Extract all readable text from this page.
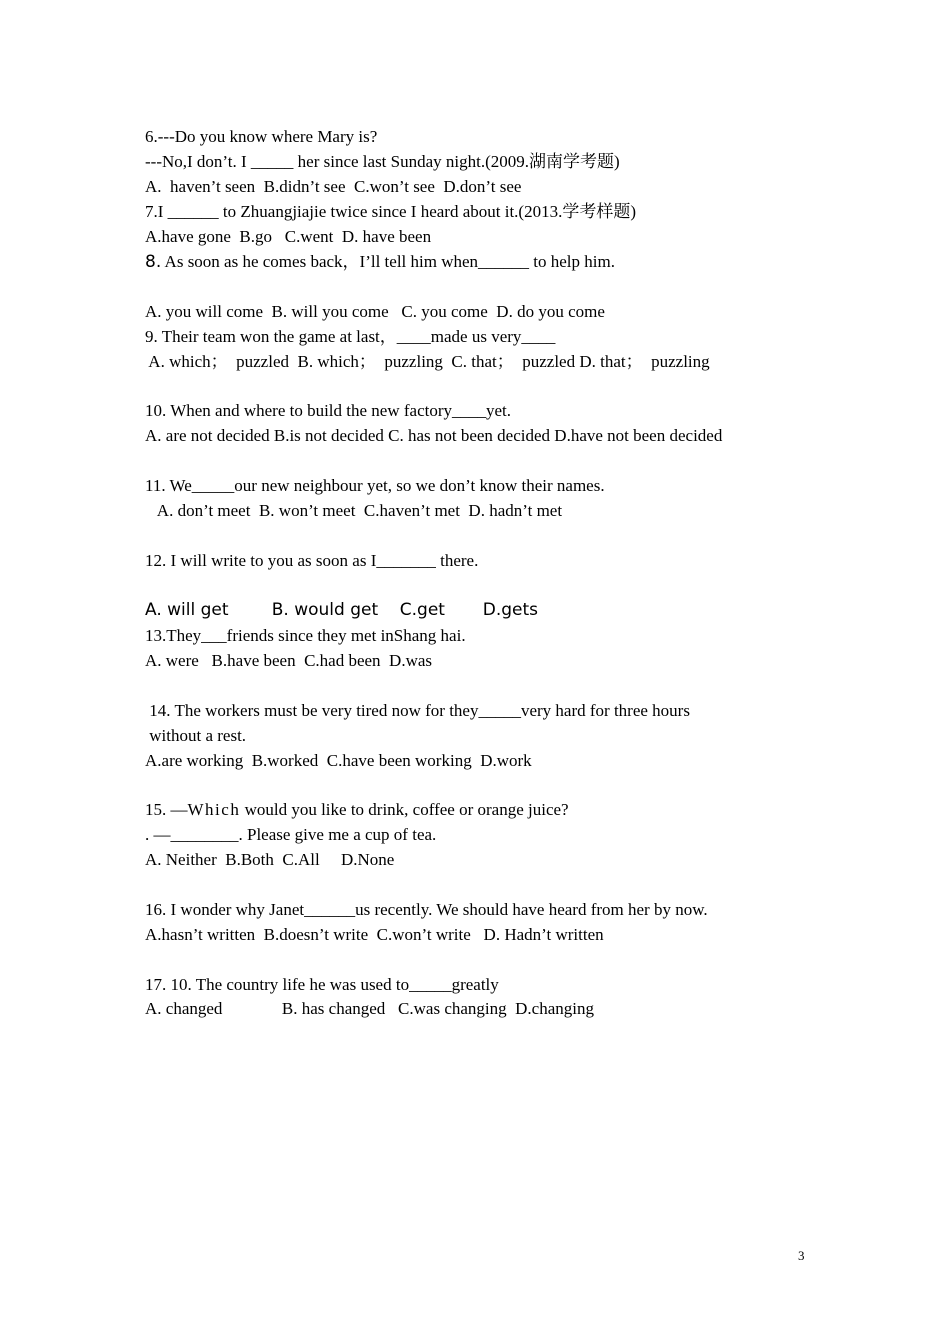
6.---Do you know where Mary is?
---No,I don’t. I _____ her since last Sunday night.(2009.湖南学考题)
A.  haven’t seen  B.didn’t see  C.won’t see  D.don’t see
7.I ______ to Zhuangjiajie twice since I heard about it.(2013.学考样题)
A.have gone  B.go   C.went  D. have been
8. As soon as he comes back，I’ll tell him when______ to help him.
A. you will come  B. will you come   C. you come  D. do you come
9. Their team won the game at last，____made us very____
A. which；  puzzled  B. which；  puzzling  C. that；  puzzled D. that；  puzzling
10. When and where to build the new factory____yet.
A. are not decided B.is not decided C. has not been decided D.have not been decided
11. We_____our new neighbour yet, so we don’t know their names.
A. don’t meet  B. won’t meet  C.haven’t met  D. hadn’t met
12. I will write to you as soon as I_______ there.
A. will get        B. would get    C.get       D.gets
13.They___friends since they met inShang hai.
A. were   B.have been  C.had been  D.was
14. The workers must be very tired now for they_____very hard for three hours
without a rest.
A.are working  B.worked  C.have been working  D.work
15. —Which would you like to drink, coffee or orange juice?
. —________. Please give me a cup of tea.
A. Neither  B.Both  C.All     D.None
16. I wonder why Janet______us recently. We should have heard from her by now.
A.hasn’t written  B.doesn’t write  C.won’t write   D. Hadn’t written
17. 10. The country life he was used to_____greatly
A. changed              B. has changed   C.was changing  D.changing
3
